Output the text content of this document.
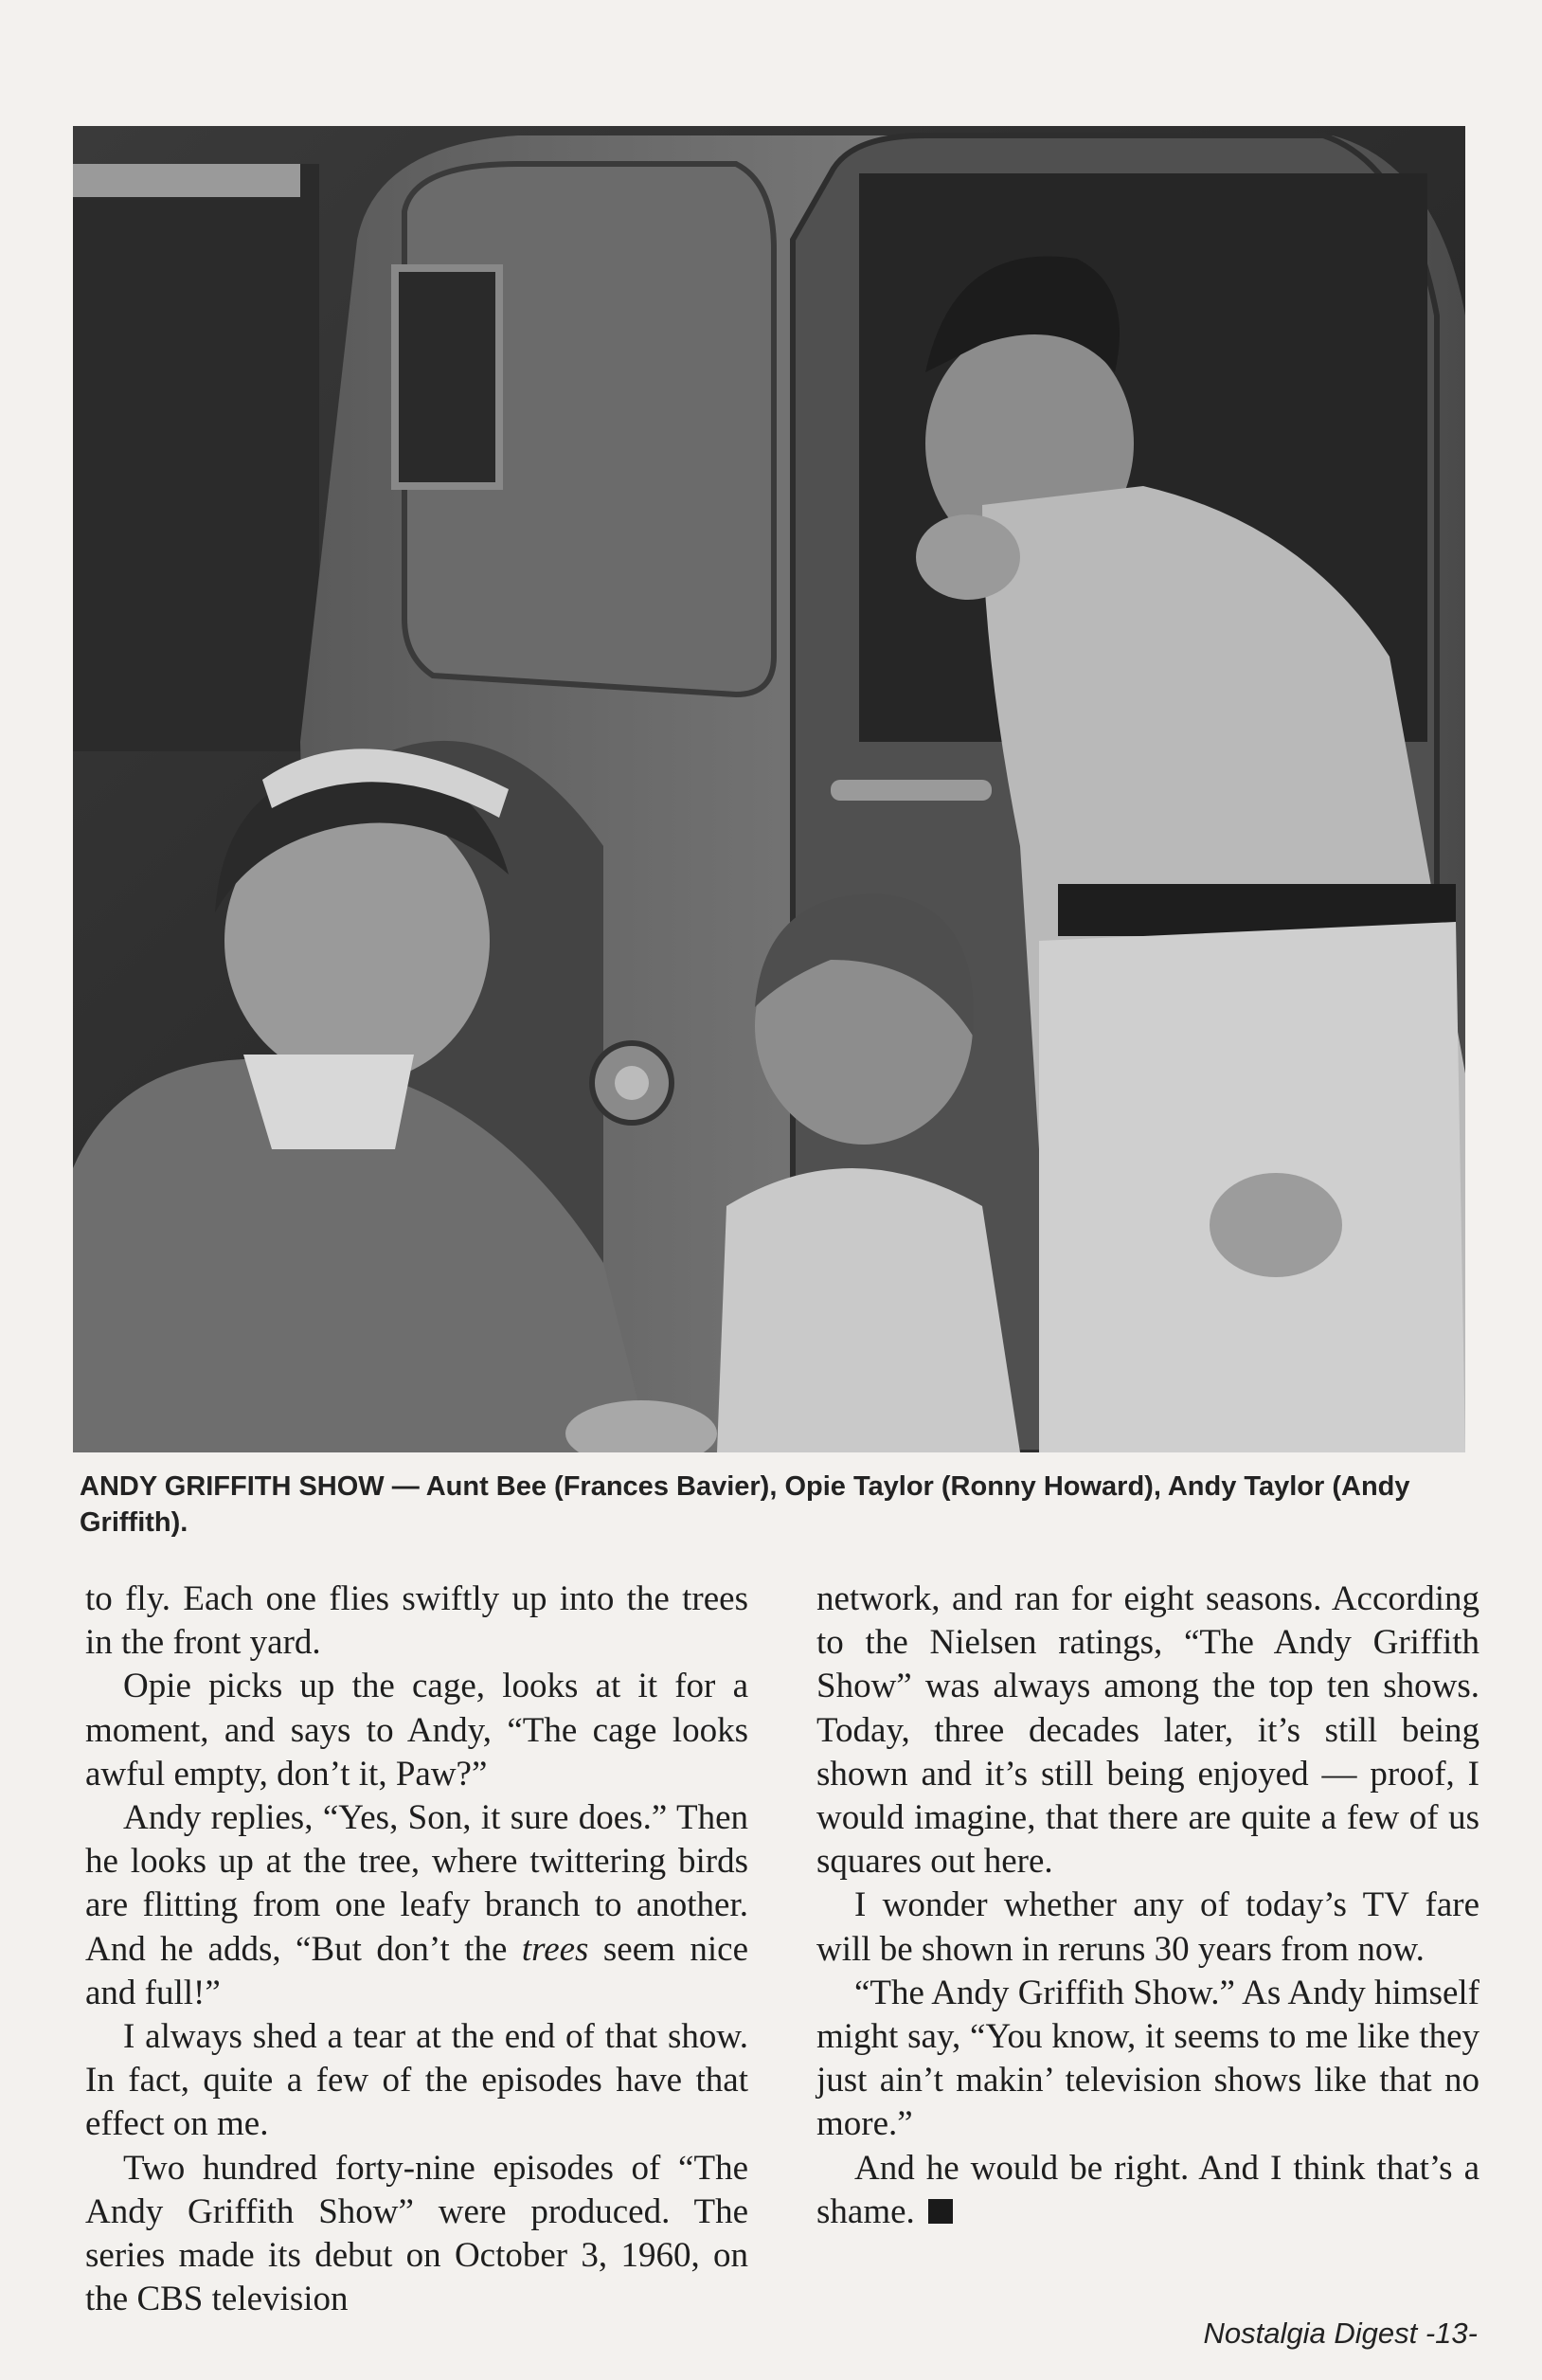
ANDY GRIFFITH SHOW — Aunt Bee (Frances Bavier), Opie Taylor (Ronny Howard), Andy Taylor (Andy Griffith).

to fly. Each one flies swiftly up into the trees in the front yard.

Opie picks up the cage, looks at it for a moment, and says to Andy, “The cage looks awful empty, don’t it, Paw?”

Andy replies, “Yes, Son, it sure does.” Then he looks up at the tree, where twittering birds are flitting from one leafy branch to another. And he adds, “But don’t the trees seem nice and full!”

I always shed a tear at the end of that show. In fact, quite a few of the episodes have that effect on me.

Two hundred forty-nine episodes of “The Andy Griffith Show” were produced. The series made its debut on October 3, 1960, on the CBS television

network, and ran for eight seasons. According to the Nielsen ratings, “The Andy Griffith Show” was always among the top ten shows. Today, three decades later, it’s still being shown and it’s still being enjoyed — proof, I would imagine, that there are quite a few of us squares out here.

I wonder whether any of today’s TV fare will be shown in reruns 30 years from now.

“The Andy Griffith Show.” As Andy himself might say, “You know, it seems to me like they just ain’t makin’ television shows like that no more.”

And he would be right. And I think that’s a shame.

Nostalgia Digest -13-
